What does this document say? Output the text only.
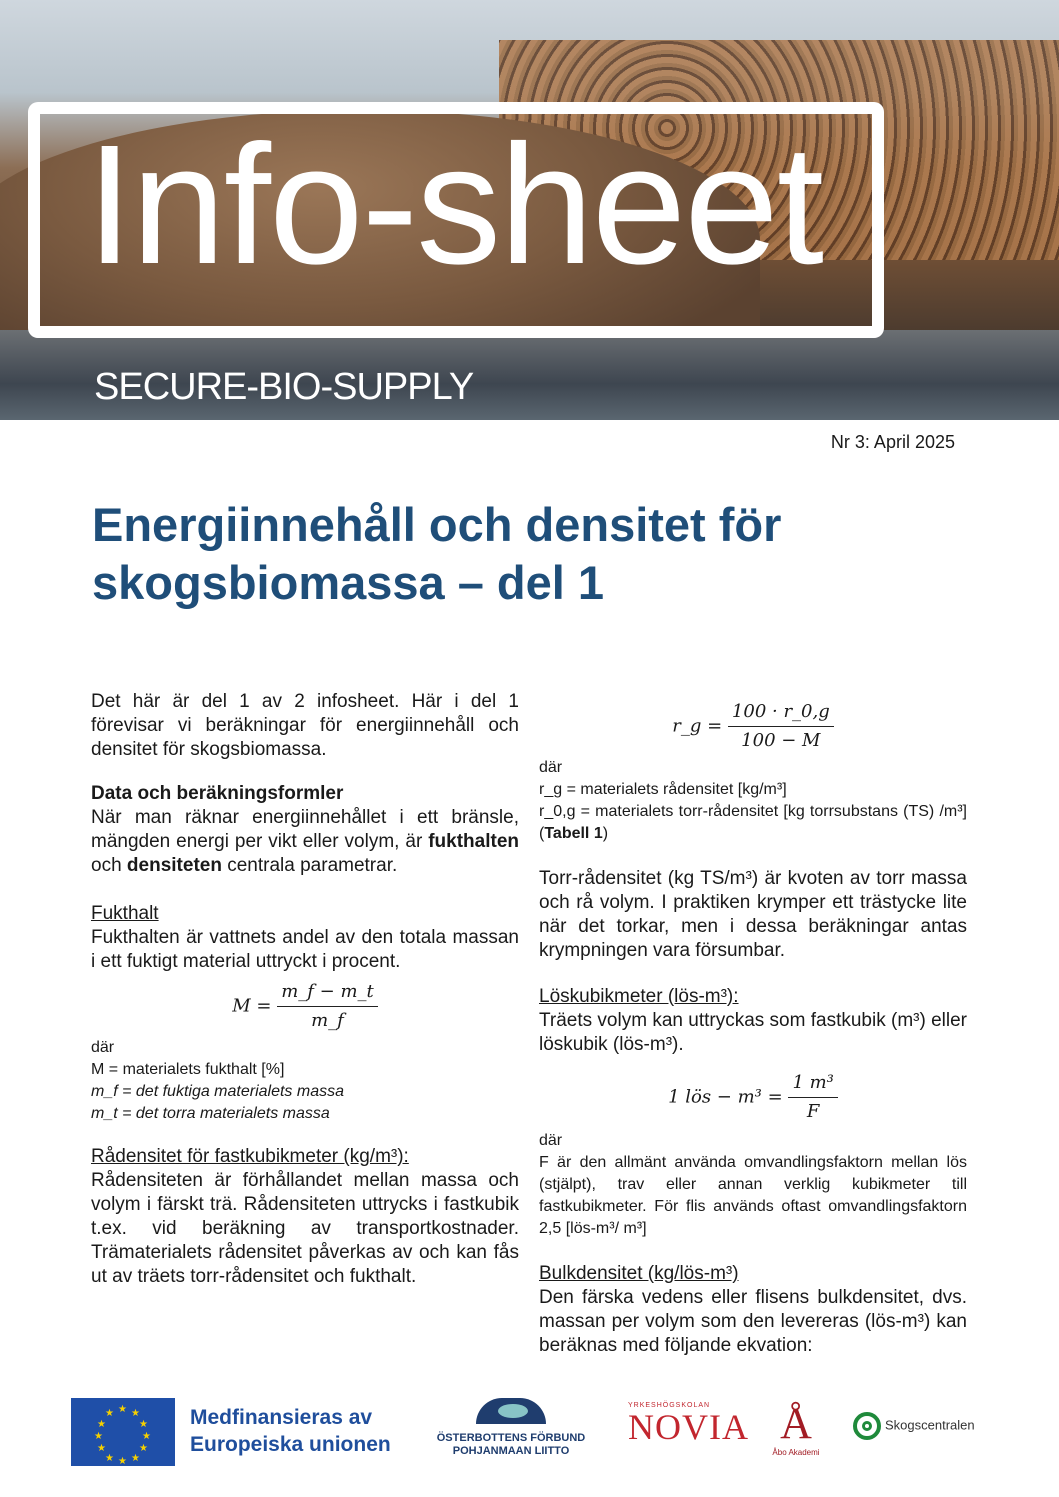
Info-sheet
SECURE-BIO-SUPPLY
Nr 3: April 2025
Energiinnehåll och densitet för skogsbiomassa – del 1

Det här är del 1 av 2 infosheet. Här i del 1 förevisar vi beräkningar för energiinnehåll och densitet för skogsbiomassa.

Data och beräkningsformler

När man räknar energiinnehållet i ett bränsle, mängden energi per vikt eller volym, är fukthalten och densiteten centrala parametrar.

Fukthalt

Fukthalten är vattnets andel av den totala massan i ett fuktigt material uttryckt i procent.

$M = \frac{m\_f - m\_t}{m\_f}$
där
M = materialets fukthalt [%]
m_f = det fuktiga materialets massa
m_t = det torra materialets massa

Rådensitet för fastkubikmeter (kg/m³):

Rådensiteten är förhållandet mellan massa och volym i färskt trä. Rådensiteten uttrycks i fastkubik t.ex. vid beräkning av transportkostnader. Trämaterialets rådensitet påverkas av och kan fås ut av träets torr-rådensitet och fukthalt.

r_g = $\frac{100 \cdot r\_0,g}{100 - M}$
där
r_g = materialets rådensitet [kg/m³]
r_0,g = materialets torr-rådensitet [kg torrsubstans (TS) /m³] (Tabell 1)

Torr-rådensitet (kg TS/m³) är kvoten av torr massa och rå volym. I praktiken krymper ett trästycke lite när det torkar, men i dessa beräkningar antas krympningen vara försumbar.

Löskubikmeter (lös-m³):

Träets volym kan uttryckas som fastkubik (m³) eller löskubik (lös-m³).

1 lös − $m^3 = \frac{\text{1 m³}}{F}$
där
F är den allmänt använda omvandlingsfaktorn mellan lös (stjälpt), trav eller annan verklig kubikmeter till fastkubikmeter. För flis används oftast omvandlingsfaktorn 2,5 [lös-m³/ m³]

Bulkdensitet (kg/lös-m³)

Den färska vedens eller flisens bulkdensitet, dvs. massan per volym som den levereras (lös-m³) kan beräknas med följande ekvation:

★ ★
★
★
★
★
★
★
★
★
★
★	Medfinansieras av
Europeiska unionen	ÖSTERBOTTENS FÖRBUND
POHJANMAAN LIITTO
YRKESHÖGSKOLAN
NOVIA Å
Åbo Akademi
Skogscentralen
